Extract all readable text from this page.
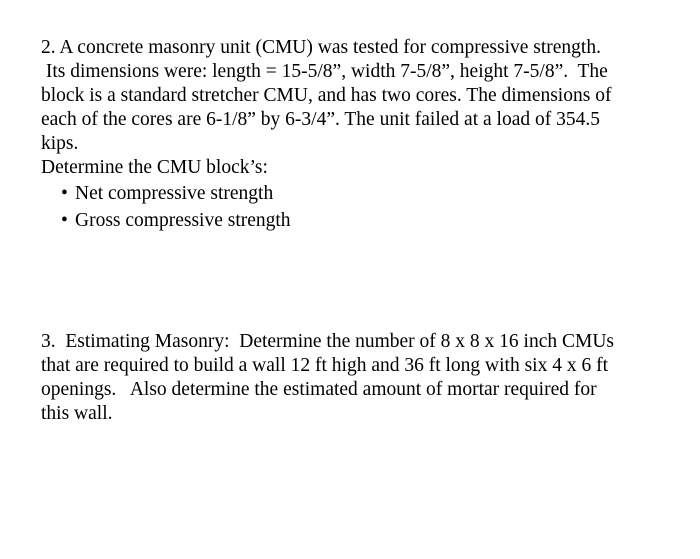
2. A concrete masonry unit (CMU) was tested for compressive strength.
Its dimensions were: length = 15-5/8”, width 7-5/8”, height 7-5/8”.  The
block is a standard stretcher CMU, and has two cores. The dimensions of
each of the cores are 6-1/8” by 6-3/4”. The unit failed at a load of 354.5
kips.
Determine the CMU block’s:
• Net compressive strength
• Gross compressive strength
3.  Estimating Masonry:  Determine the number of 8 x 8 x 16 inch CMUs
that are required to build a wall 12 ft high and 36 ft long with six 4 x 6 ft
openings.   Also determine the estimated amount of mortar required for
this wall.
